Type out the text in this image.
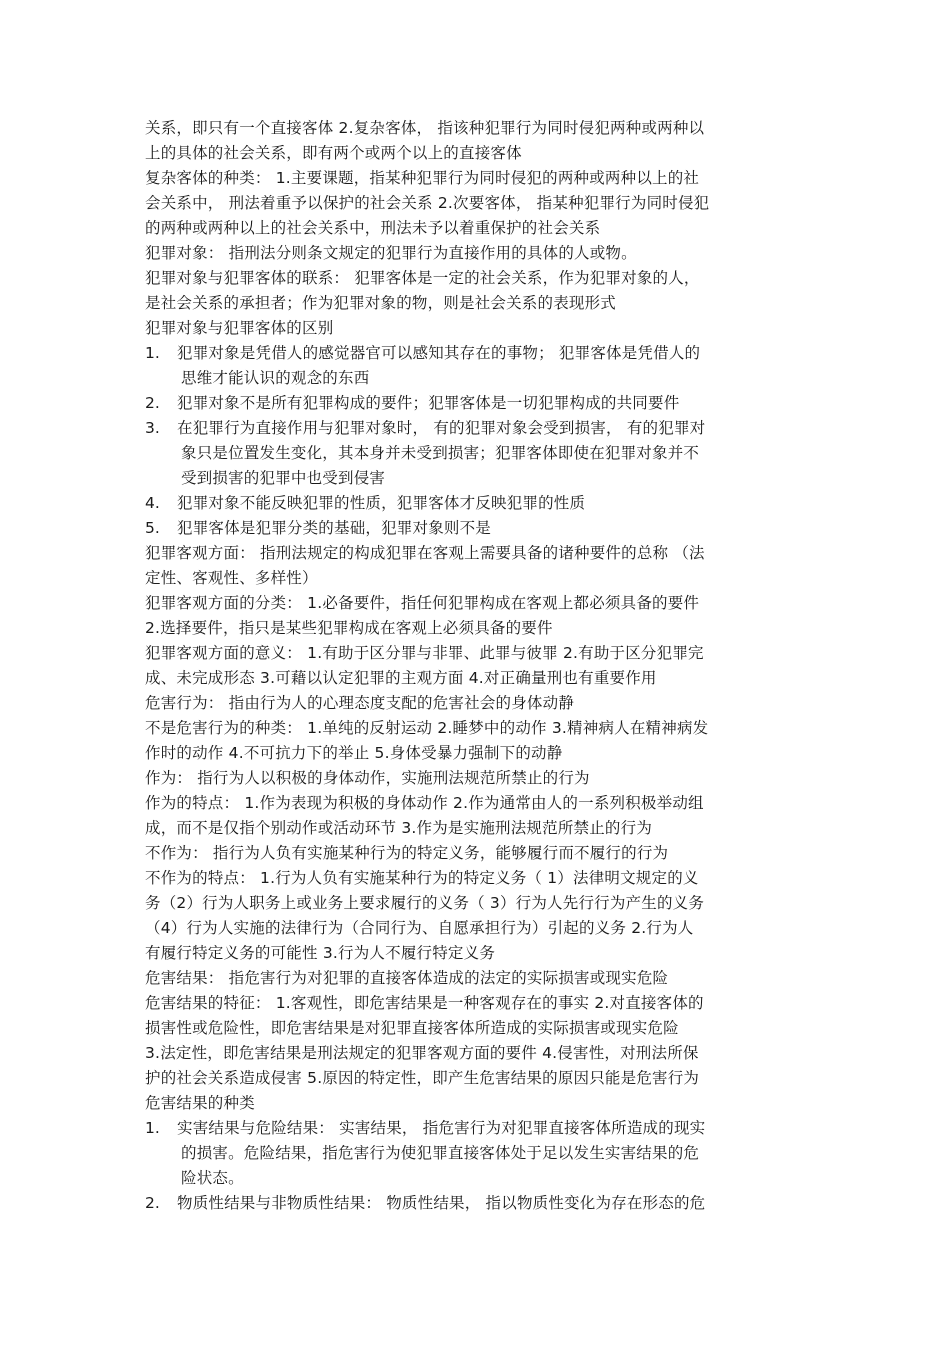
关系，即只有一个直接客体 2.复杂客体， 指该种犯罪行为同时侵犯两种或两种以
上的具体的社会关系，即有两个或两个以上的直接客体
复杂客体的种类： 1.主要课题，指某种犯罪行为同时侵犯的两种或两种以上的社
会关系中， 刑法着重予以保护的社会关系 2.次要客体， 指某种犯罪行为同时侵犯
的两种或两种以上的社会关系中，刑法未予以着重保护的社会关系
犯罪对象： 指刑法分则条文规定的犯罪行为直接作用的具体的人或物。
犯罪对象与犯罪客体的联系： 犯罪客体是一定的社会关系，作为犯罪对象的人，
是社会关系的承担者；作为犯罪对象的物，则是社会关系的表现形式
犯罪对象与犯罪客体的区别
1.	犯罪对象是凭借人的感觉器官可以感知其存在的事物； 犯罪客体是凭借人的
思维才能认识的观念的东西
2.	犯罪对象不是所有犯罪构成的要件；犯罪客体是一切犯罪构成的共同要件
3.	在犯罪行为直接作用与犯罪对象时， 有的犯罪对象会受到损害， 有的犯罪对
象只是位置发生变化，其本身并未受到损害；犯罪客体即使在犯罪对象并不
受到损害的犯罪中也受到侵害
4.	犯罪对象不能反映犯罪的性质，犯罪客体才反映犯罪的性质
5.	犯罪客体是犯罪分类的基础，犯罪对象则不是
犯罪客观方面： 指刑法规定的构成犯罪在客观上需要具备的诸种要件的总称 （法
定性、客观性、多样性）
犯罪客观方面的分类： 1.必备要件，指任何犯罪构成在客观上都必须具备的要件
2.选择要件，指只是某些犯罪构成在客观上必须具备的要件
犯罪客观方面的意义： 1.有助于区分罪与非罪、此罪与彼罪 2.有助于区分犯罪完
成、未完成形态 3.可藉以认定犯罪的主观方面 4.对正确量刑也有重要作用
危害行为： 指由行为人的心理态度支配的危害社会的身体动静
不是危害行为的种类： 1.单纯的反射运动 2.睡梦中的动作 3.精神病人在精神病发
作时的动作 4.不可抗力下的举止 5.身体受暴力强制下的动静
作为： 指行为人以积极的身体动作，实施刑法规范所禁止的行为
作为的特点： 1.作为表现为积极的身体动作 2.作为通常由人的一系列积极举动组
成，而不是仅指个别动作或活动环节 3.作为是实施刑法规范所禁止的行为
不作为： 指行为人负有实施某种行为的特定义务，能够履行而不履行的行为
不作为的特点： 1.行为人负有实施某种行为的特定义务（ 1）法律明文规定的义
务（2）行为人职务上或业务上要求履行的义务（ 3）行为人先行行为产生的义务
（4）行为人实施的法律行为（合同行为、自愿承担行为）引起的义务 2.行为人
有履行特定义务的可能性 3.行为人不履行特定义务
危害结果： 指危害行为对犯罪的直接客体造成的法定的实际损害或现实危险
危害结果的特征： 1.客观性，即危害结果是一种客观存在的事实 2.对直接客体的
损害性或危险性，即危害结果是对犯罪直接客体所造成的实际损害或现实危险
3.法定性，即危害结果是刑法规定的犯罪客观方面的要件 4.侵害性，对刑法所保
护的社会关系造成侵害 5.原因的特定性，即产生危害结果的原因只能是危害行为
危害结果的种类
1.	实害结果与危险结果： 实害结果， 指危害行为对犯罪直接客体所造成的现实
的损害。危险结果，指危害行为使犯罪直接客体处于足以发生实害结果的危
险状态。
2.	物质性结果与非物质性结果： 物质性结果， 指以物质性变化为存在形态的危
